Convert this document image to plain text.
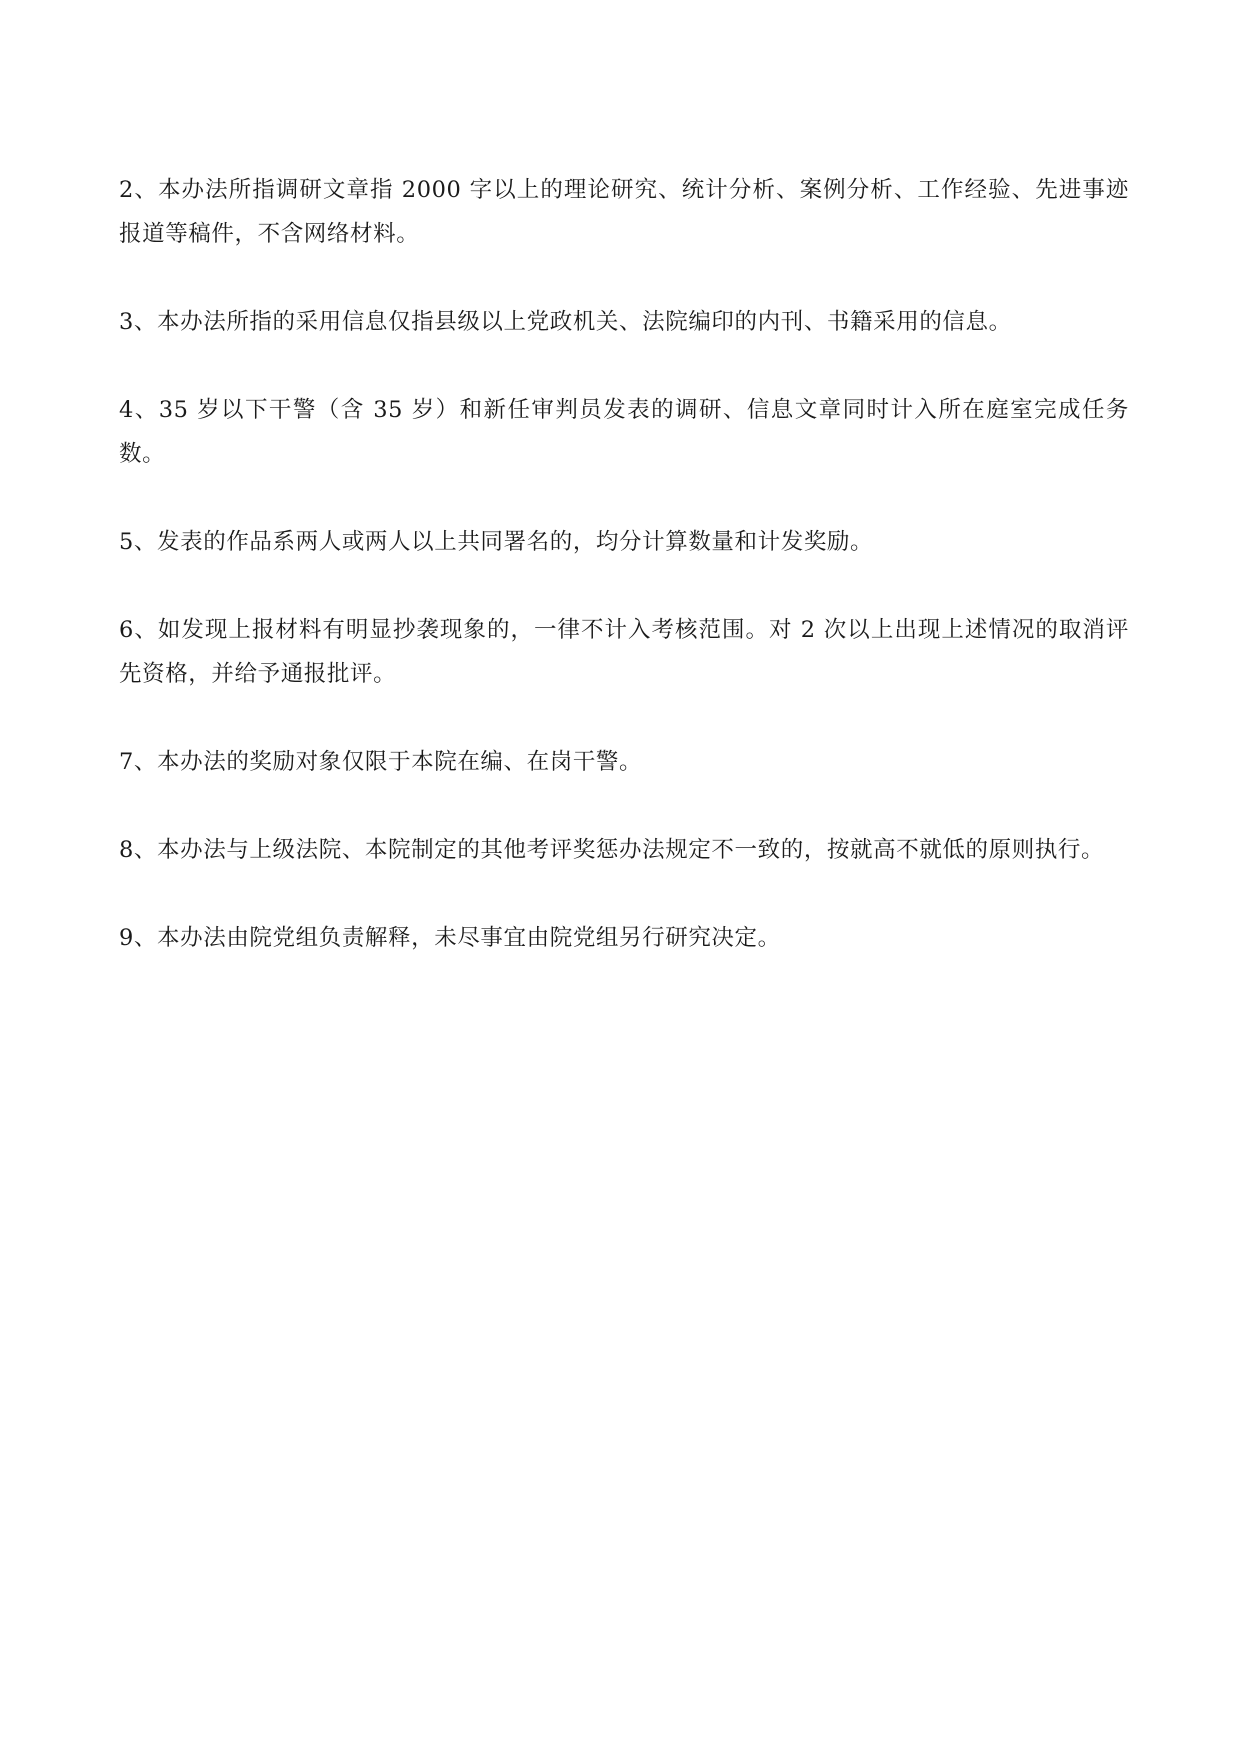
2、本办法所指调研文章指 2000 字以上的理论研究、统计分析、案例分析、工作经验、先进事迹报道等稿件，不含网络材料。

3、本办法所指的采用信息仅指县级以上党政机关、法院编印的内刊、书籍采用的信息。

4、35 岁以下干警（含 35 岁）和新任审判员发表的调研、信息文章同时计入所在庭室完成任务数。

5、发表的作品系两人或两人以上共同署名的，均分计算数量和计发奖励。

6、如发现上报材料有明显抄袭现象的，一律不计入考核范围。对 2 次以上出现上述情况的取消评先资格，并给予通报批评。

7、本办法的奖励对象仅限于本院在编、在岗干警。

8、本办法与上级法院、本院制定的其他考评奖惩办法规定不一致的，按就高不就低的原则执行。

9、本办法由院党组负责解释，未尽事宜由院党组另行研究决定。
